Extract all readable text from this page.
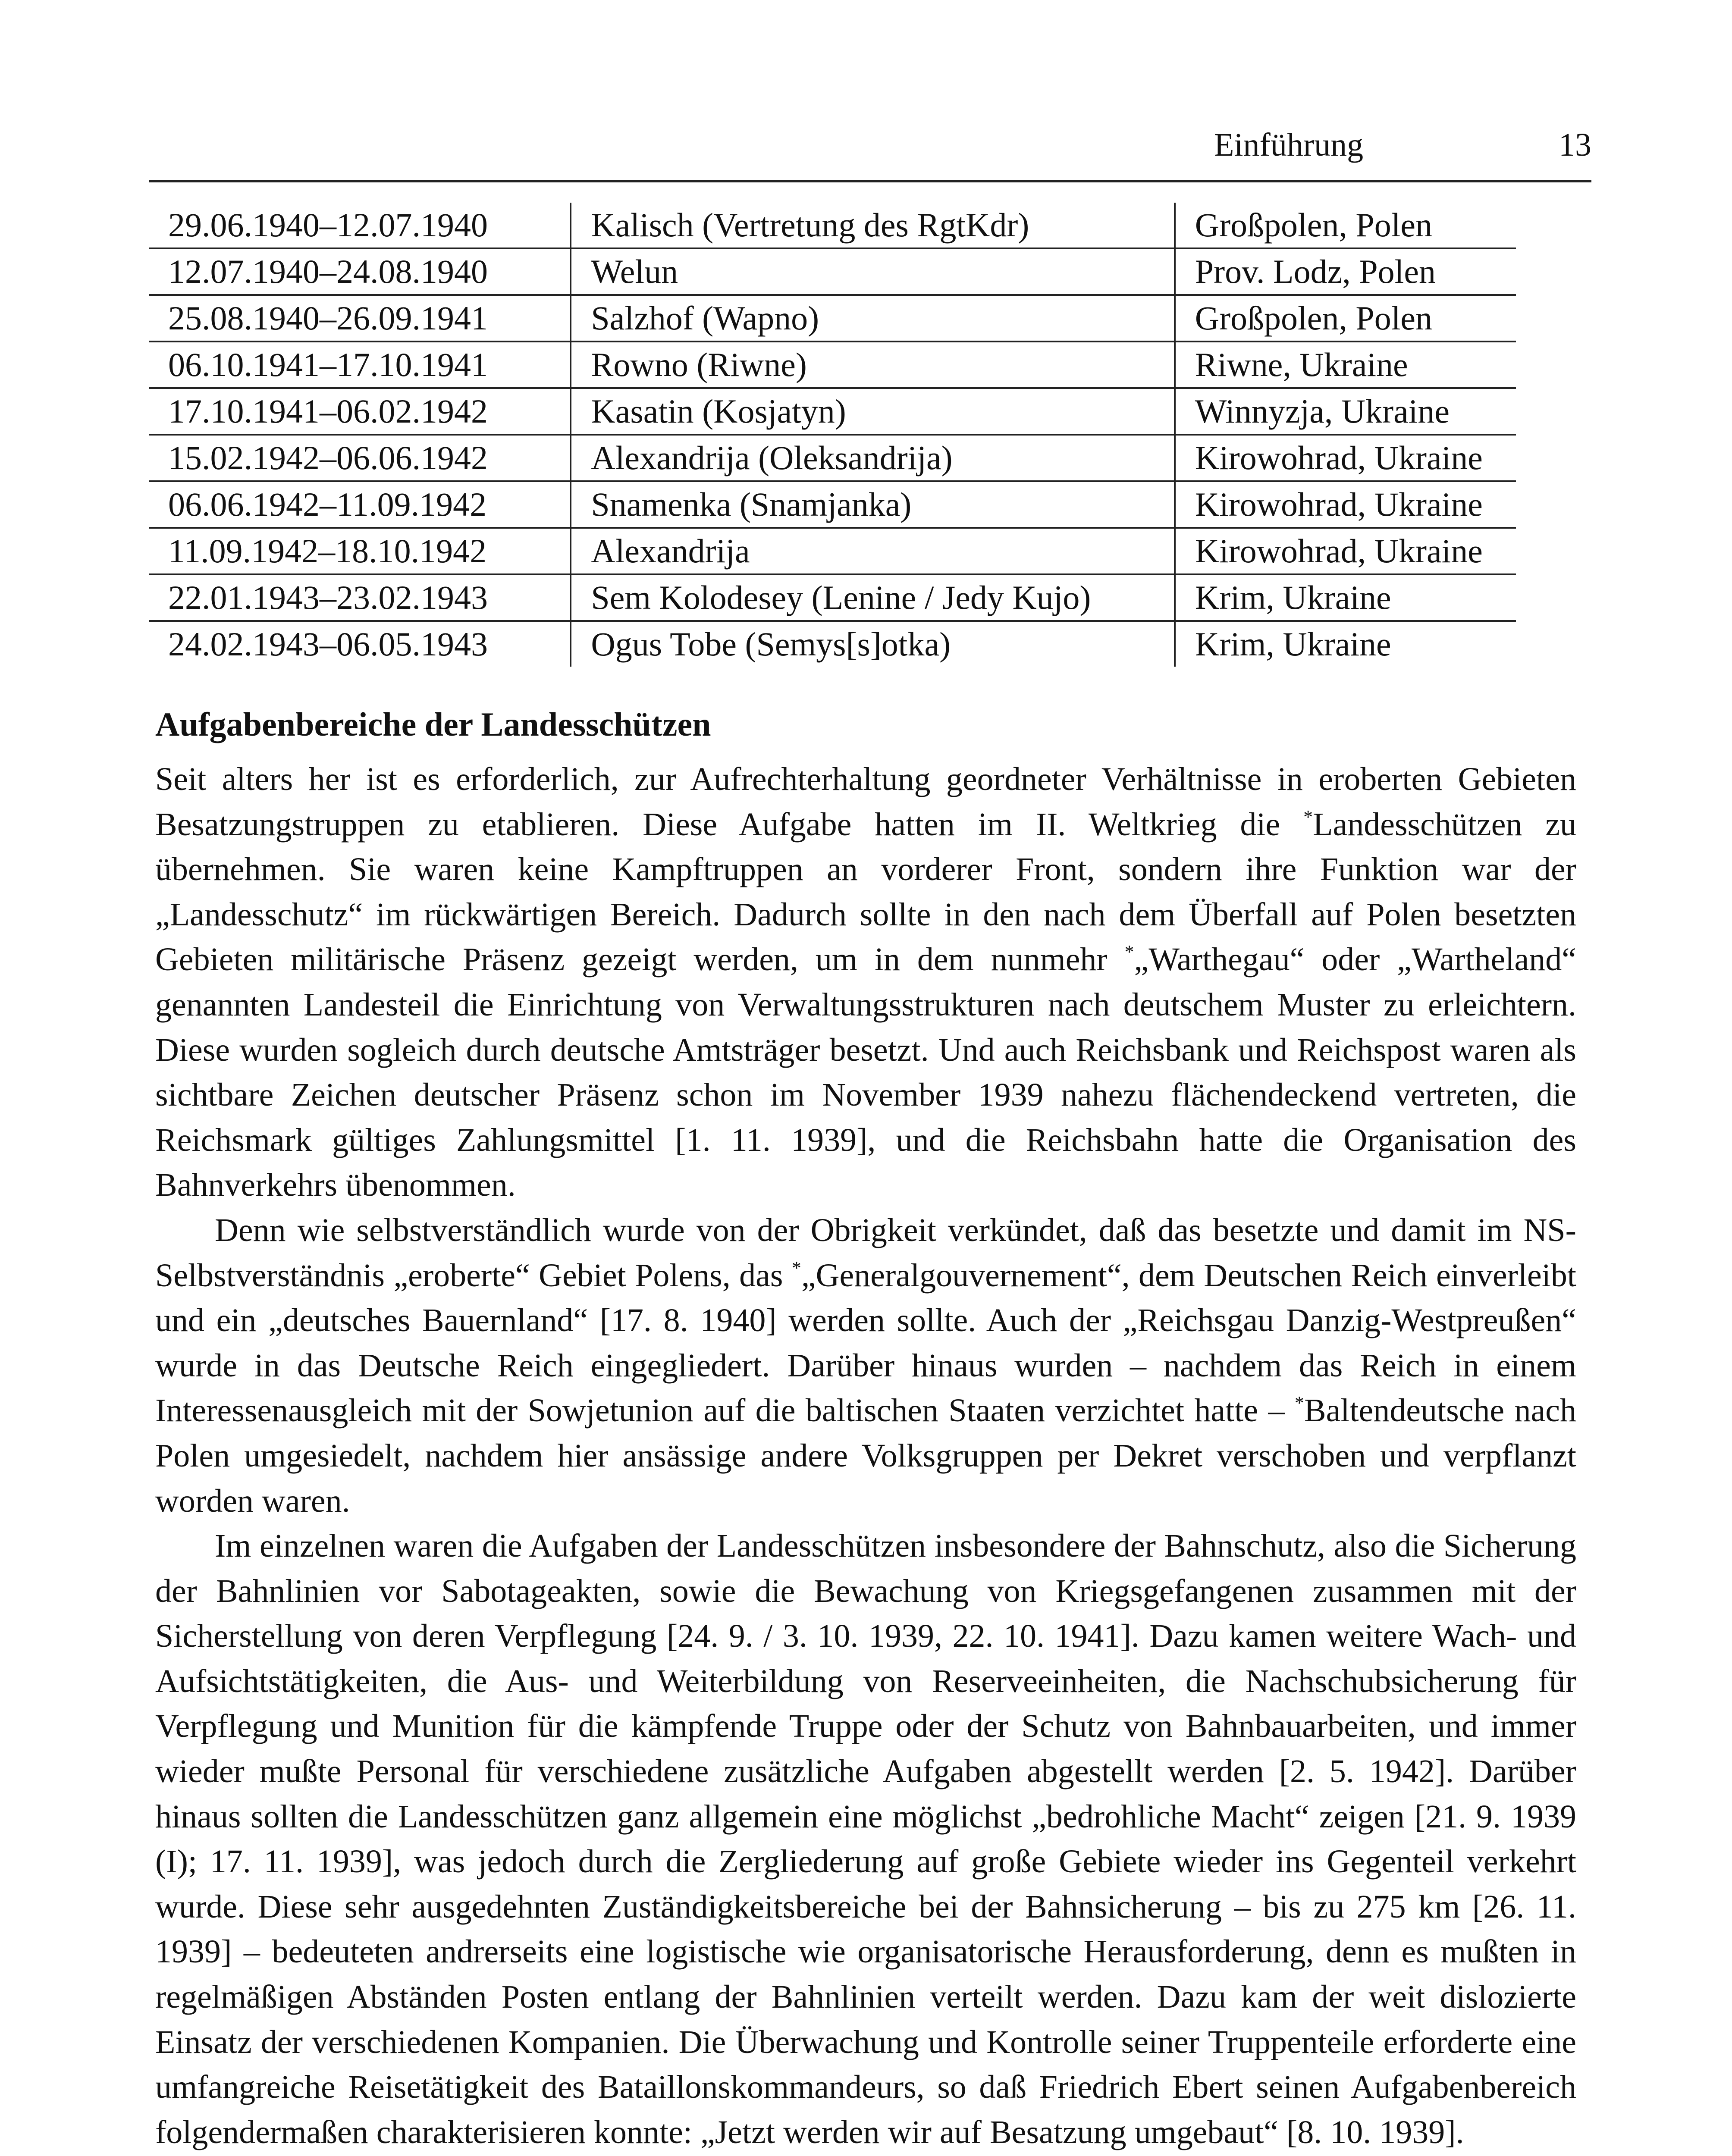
Einführung	13
29.06.1940–12.07.1940	Kalisch (Vertretung des RgtKdr)	Großpolen, Polen
12.07.1940–24.08.1940	Welun	Prov. Lodz, Polen
25.08.1940–26.09.1941	Salzhof (Wapno)	Großpolen, Polen
06.10.1941–17.10.1941	Rowno (Riwne)	Riwne, Ukraine
17.10.1941–06.02.1942	Kasatin (Kosjatyn)	Winnyzja, Ukraine
15.02.1942–06.06.1942	Alexandrija (Oleksandrija)	Kirowohrad, Ukraine
06.06.1942–11.09.1942	Snamenka (Snamjanka)	Kirowohrad, Ukraine
11.09.1942–18.10.1942	Alexandrija	Kirowohrad, Ukraine
22.01.1943–23.02.1943	Sem Kolodesey (Lenine / Jedy Kujo)	Krim, Ukraine
24.02.1943–06.05.1943	Ogus Tobe (Semys[s]otka)	Krim, Ukraine
Aufgabenbereiche der Landesschützen

Seit alters her ist es erforderlich, zur Aufrechterhaltung geordneter Verhältnisse in eroberten Gebieten Besatzungstruppen zu etablieren. Diese Aufgabe hatten im II. Weltkrieg die *Landesschützen zu übernehmen. Sie waren keine Kampftruppen an vorderer Front, sondern ihre Funktion war der „Landesschutz“ im rückwärtigen Bereich. Dadurch sollte in den nach dem Überfall auf Polen besetzten Gebieten militärische Präsenz gezeigt werden, um in dem nunmehr *„Warthegau“ oder „Wartheland“ genannten Landesteil die Einrichtung von Verwaltungsstrukturen nach deutschem Muster zu erleichtern. Diese wurden sogleich durch deutsche Amtsträger besetzt. Und auch Reichsbank und Reichspost waren als sichtbare Zeichen deutscher Präsenz schon im November 1939 nahezu flächendeckend vertreten, die Reichsmark gültiges Zahlungsmittel [1. 11. 1939], und die Reichsbahn hatte die Organisation des Bahnverkehrs übenommen.

Denn wie selbstverständlich wurde von der Obrigkeit verkündet, daß das besetzte und damit im NS-Selbstverständnis „eroberte“ Gebiet Polens, das *„Generalgouvernement“, dem Deutschen Reich einverleibt und ein „deutsches Bauernland“ [17. 8. 1940] werden sollte. Auch der „Reichsgau Danzig-Westpreußen“ wurde in das Deutsche Reich eingegliedert. Darüber hinaus wurden – nachdem das Reich in einem Interessenausgleich mit der Sowjetunion auf die baltischen Staaten verzichtet hatte – *Baltendeutsche nach Polen umgesiedelt, nachdem hier ansässige andere Volksgruppen per Dekret verschoben und verpflanzt worden waren.

Im einzelnen waren die Aufgaben der Landesschützen insbesondere der Bahnschutz, also die Sicherung der Bahnlinien vor Sabotageakten, sowie die Bewachung von Kriegsgefangenen zusammen mit der Sicherstellung von deren Verpflegung [24. 9. / 3. 10. 1939, 22. 10. 1941]. Dazu kamen weitere Wach- und Aufsichtstätigkeiten, die Aus- und Weiterbildung von Reserveeinheiten, die Nachschubsicherung für Verpflegung und Munition für die kämpfende Truppe oder der Schutz von Bahnbauarbeiten, und immer wieder mußte Personal für verschiedene zusätzliche Aufgaben abgestellt werden [2. 5. 1942]. Darüber hinaus sollten die Landesschützen ganz allgemein eine möglichst „bedrohliche Macht“ zeigen [21. 9. 1939 (I); 17. 11. 1939], was jedoch durch die Zergliederung auf große Gebiete wieder ins Gegenteil verkehrt wurde. Diese sehr ausgedehnten Zuständigkeitsbereiche bei der Bahnsicherung – bis zu 275 km [26. 11. 1939] – bedeuteten andrerseits eine logistische wie organisatorische Herausforderung, denn es mußten in regelmäßigen Abständen Posten entlang der Bahnlinien verteilt werden. Dazu kam der weit dislozierte Einsatz der verschiedenen Kompanien. Die Überwachung und Kontrolle seiner Truppenteile erforderte eine umfangreiche Reisetätigkeit des Bataillonskommandeurs, so daß Friedrich Ebert seinen Aufgabenbereich folgendermaßen charakterisieren konnte: „Jetzt werden wir auf Besatzung umgebaut“ [8. 10. 1939].
